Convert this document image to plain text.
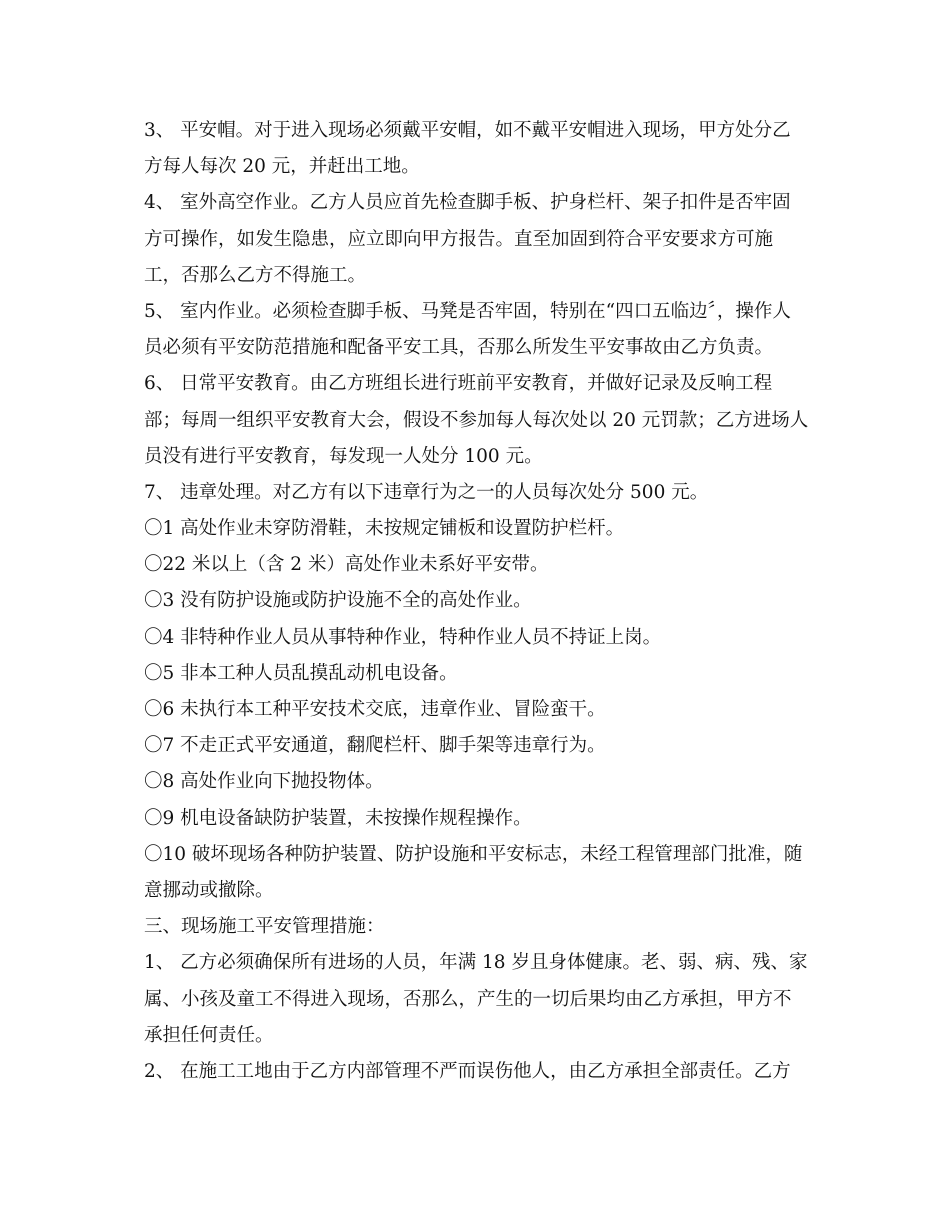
3、 平安帽。对于进入现场必须戴平安帽，如不戴平安帽进入现场，甲方处分乙
方每人每次 20 元，并赶出工地。
4、 室外高空作业。乙方人员应首先检查脚手板、护身栏杆、架子扣件是否牢固
方可操作，如发生隐患，应立即向甲方报告。直至加固到符合平安要求方可施
工，否那么乙方不得施工。
5、 室内作业。必须检查脚手板、马凳是否牢固，特别在“四口五临边〞，操作人
员必须有平安防范措施和配备平安工具，否那么所发生平安事故由乙方负责。
6、 日常平安教育。由乙方班组长进行班前平安教育，并做好记录及反响工程
部；每周一组织平安教育大会，假设不参加每人每次处以 20 元罚款；乙方进场人
员没有进行平安教育，每发现一人处分 100 元。
7、 违章处理。对乙方有以下违章行为之一的人员每次处分 500 元。
〇1 高处作业未穿防滑鞋，未按规定铺板和设置防护栏杆。
〇22 米以上（含 2 米）高处作业未系好平安带。
〇3 没有防护设施或防护设施不全的高处作业。
〇4 非特种作业人员从事特种作业，特种作业人员不持证上岗。
〇5 非本工种人员乱摸乱动机电设备。
〇6 未执行本工种平安技术交底，违章作业、冒险蛮干。
〇7 不走正式平安通道，翻爬栏杆、脚手架等违章行为。
〇8 高处作业向下抛投物体。
〇9 机电设备缺防护装置，未按操作规程操作。
〇10 破坏现场各种防护装置、防护设施和平安标志，未经工程管理部门批准，随
意挪动或撤除。
三、现场施工平安管理措施：
1、 乙方必须确保所有进场的人员，年满 18 岁且身体健康。老、弱、病、残、家
属、小孩及童工不得进入现场，否那么，产生的一切后果均由乙方承担，甲方不
承担任何责任。
2、 在施工工地由于乙方内部管理不严而误伤他人，由乙方承担全部责任。乙方
